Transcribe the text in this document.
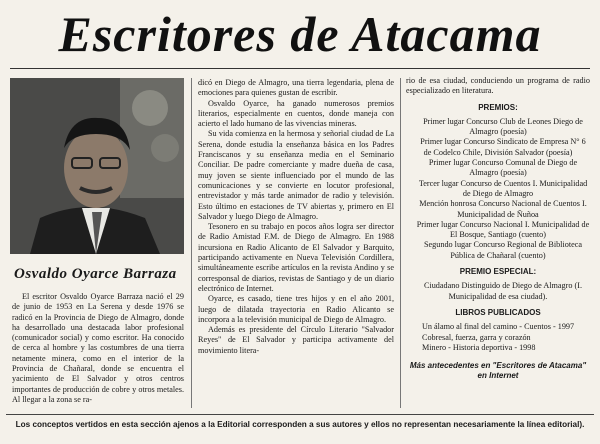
Escritores de Atacama
Osvaldo Oyarce Barraza

El escritor Osvaldo Oyarce Barraza nació el 29 de junio de 1953 en La Serena y desde 1976 se radicó en la Provincia de Diego de Almagro, donde ha desarrollado una destacada labor profesional (comunicador social) y como escritor. Ha conocido de cerca al hombre y las costumbres de una tierra netamente minera, como en el interior de la Provincia de Chañaral, donde se encuentra el yacimiento de El Salvador y otros centros importantes de producción de cobre y otros metales. Al llegar a la zona se ra-

dicó en Diego de Almagro, una tierra legendaria, plena de emociones para quienes gustan de escribir.

Osvaldo Oyarce, ha ganado numerosos premios literarios, especialmente en cuentos, donde maneja con acierto el lado humano de las vivencias mineras.

Su vida comienza en la hermosa y señorial ciudad de La Serena, donde estudia la enseñanza básica en los Padres Franciscanos y su enseñanza media en el Seminario Conciliar. De padre comerciante y madre dueña de casa, muy joven se siente influenciado por el mundo de las comunicaciones y se convierte en locutor profesional, entrevistador y más tarde animador de radio y televisión. Esto último en estaciones de TV abiertas y, primero en El Salvador y luego Diego de Almagro.

Tesonero en su trabajo en pocos años logra ser director de Radio Amistad F.M. de Diego de Almagro. En 1988 incursiona en Radio Alicanto de El Salvador y Barquito, participando activamente en Nueva Televisión Cordillera, simultáneamente escribe artículos en la revista Andino y se corresponsal de diarios, revistas de Santiago y de un diario electrónico de Internet.

Oyarce, es casado, tiene tres hijos y en el año 2001, luego de dilatada trayectoria en Radio Alicanto se incorpora a la televisión municipal de Diego de Almagro.

Además es presidente del Círculo Literario "Salvador Reyes" de El Salvador y participa activamente del movimiento litera-

rio de esa ciudad, conduciendo un programa de radio especializado en literatura.

PREMIOS:

Primer lugar Concurso Club de Leones Diego de Almagro (poesía)

Primer lugar Concurso Sindicato de Empresa N° 6 de Codelco Chile, División Salvador (poesía)

Primer lugar Concurso Comunal de Diego de Almagro (poesía)

Tercer lugar Concurso de Cuentos I. Municipalidad de Diego de Almagro

Mención honrosa Concurso Nacional de Cuentos I. Municipalidad de Ñuñoa

Primer lugar Concurso Nacional I. Municipalidad de El Bosque, Santiago (cuento)

Segundo lugar Concurso Regional de Biblioteca Pública de Chañaral (cuento)

PREMIO ESPECIAL:

Ciudadano Distinguido de Diego de Almagro (I. Municipalidad de esa ciudad).

LIBROS PUBLICADOS

Un álamo al final del camino - Cuentos - 1997

Cobresal, fuerza, garra y corazón

Minero - Historia deportiva - 1998

Más antecedentes en "Escritores de Atacama" en Internet
Los conceptos vertidos en esta sección ajenos a la Editorial corresponden a sus autores y ellos no representan necesariamente la línea editorial).
